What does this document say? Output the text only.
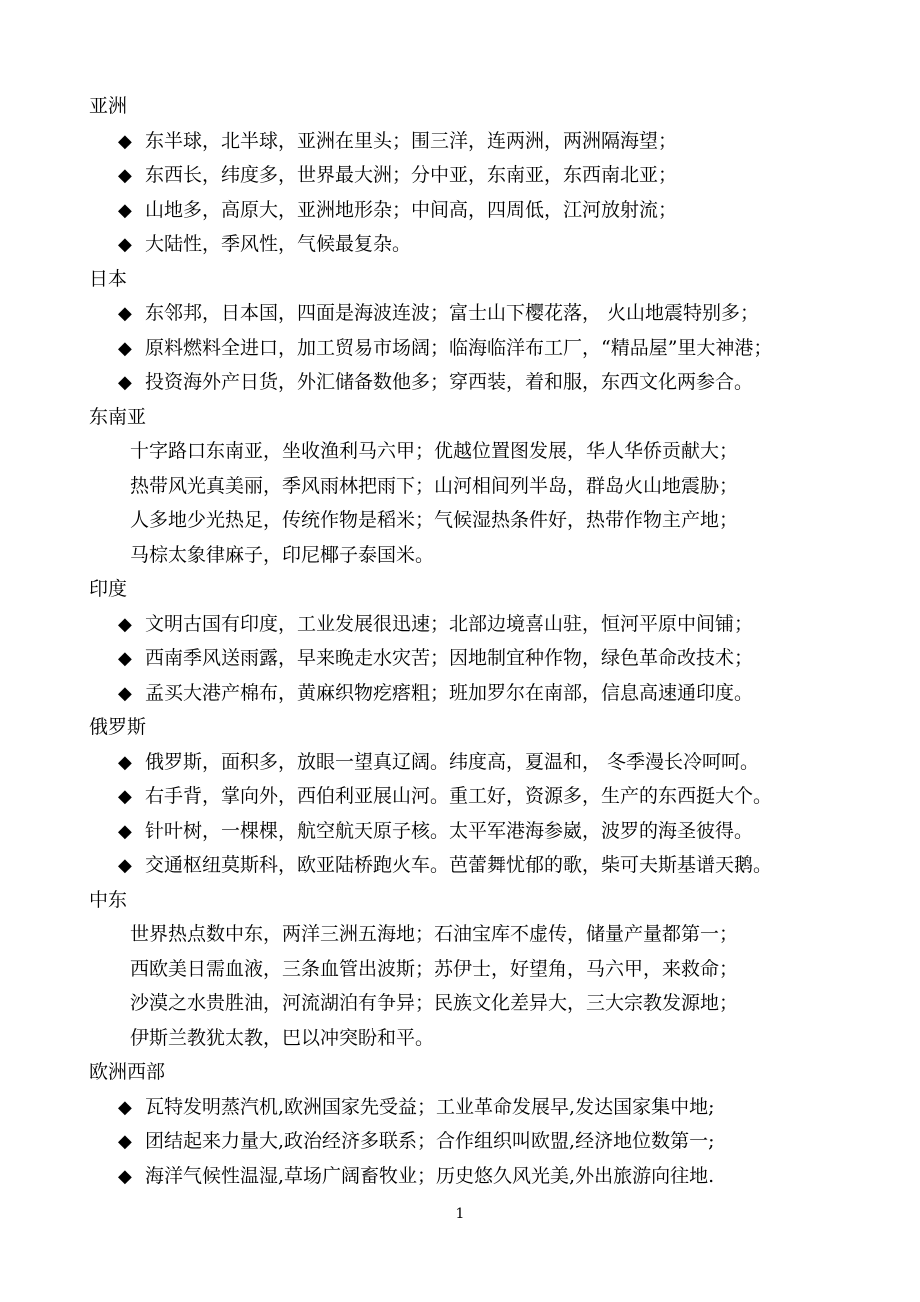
亚洲
◆ 东半球，北半球，亚洲在里头；围三洋，连两洲，两洲隔海望；
◆ 东西长，纬度多，世界最大洲；分中亚，东南亚，东西南北亚；
◆ 山地多，高原大，亚洲地形杂；中间高，四周低，江河放射流；
◆ 大陆性，季风性，气候最复杂。
日本
◆ 东邻邦，日本国，四面是海波连波；富士山下樱花落， 火山地震特别多；
◆ 原料燃料全进口，加工贸易市场阔；临海临洋布工厂，“精品屋”里大神港；
◆ 投资海外产日货，外汇储备数他多；穿西装，着和服，东西文化两参合。
东南亚
十字路口东南亚，坐收渔利马六甲；优越位置图发展，华人华侨贡献大；
热带风光真美丽，季风雨林把雨下；山河相间列半岛，群岛火山地震胁；
人多地少光热足，传统作物是稻米；气候湿热条件好，热带作物主产地；
马棕太象律麻子，印尼椰子泰国米。
印度
◆ 文明古国有印度，工业发展很迅速；北部边境喜山驻，恒河平原中间铺；
◆ 西南季风送雨露，早来晚走水灾苦；因地制宜种作物，绿色革命改技术；
◆ 孟买大港产棉布，黄麻织物疙瘩粗；班加罗尔在南部，信息高速通印度。
俄罗斯
◆ 俄罗斯，面积多，放眼一望真辽阔。纬度高，夏温和， 冬季漫长冷呵呵。
◆ 右手背，掌向外，西伯利亚展山河。重工好，资源多，生产的东西挺大个。
◆ 针叶树，一棵棵，航空航天原子核。太平军港海参崴，波罗的海圣彼得。
◆ 交通枢纽莫斯科，欧亚陆桥跑火车。芭蕾舞忧郁的歌，柴可夫斯基谱天鹅。
中东
世界热点数中东，两洋三洲五海地；石油宝库不虚传，储量产量都第一；
西欧美日需血液，三条血管出波斯；苏伊士，好望角，马六甲，来救命；
沙漠之水贵胜油，河流湖泊有争异；民族文化差异大，三大宗教发源地；
伊斯兰教犹太教，巴以冲突盼和平。
欧洲西部
◆ 瓦特发明蒸汽机,欧洲国家先受益；工业革命发展早,发达国家集中地;
◆ 团结起来力量大,政治经济多联系；合作组织叫欧盟,经济地位数第一;
◆ 海洋气候性温湿,草场广阔畜牧业；历史悠久风光美,外出旅游向往地.
1
